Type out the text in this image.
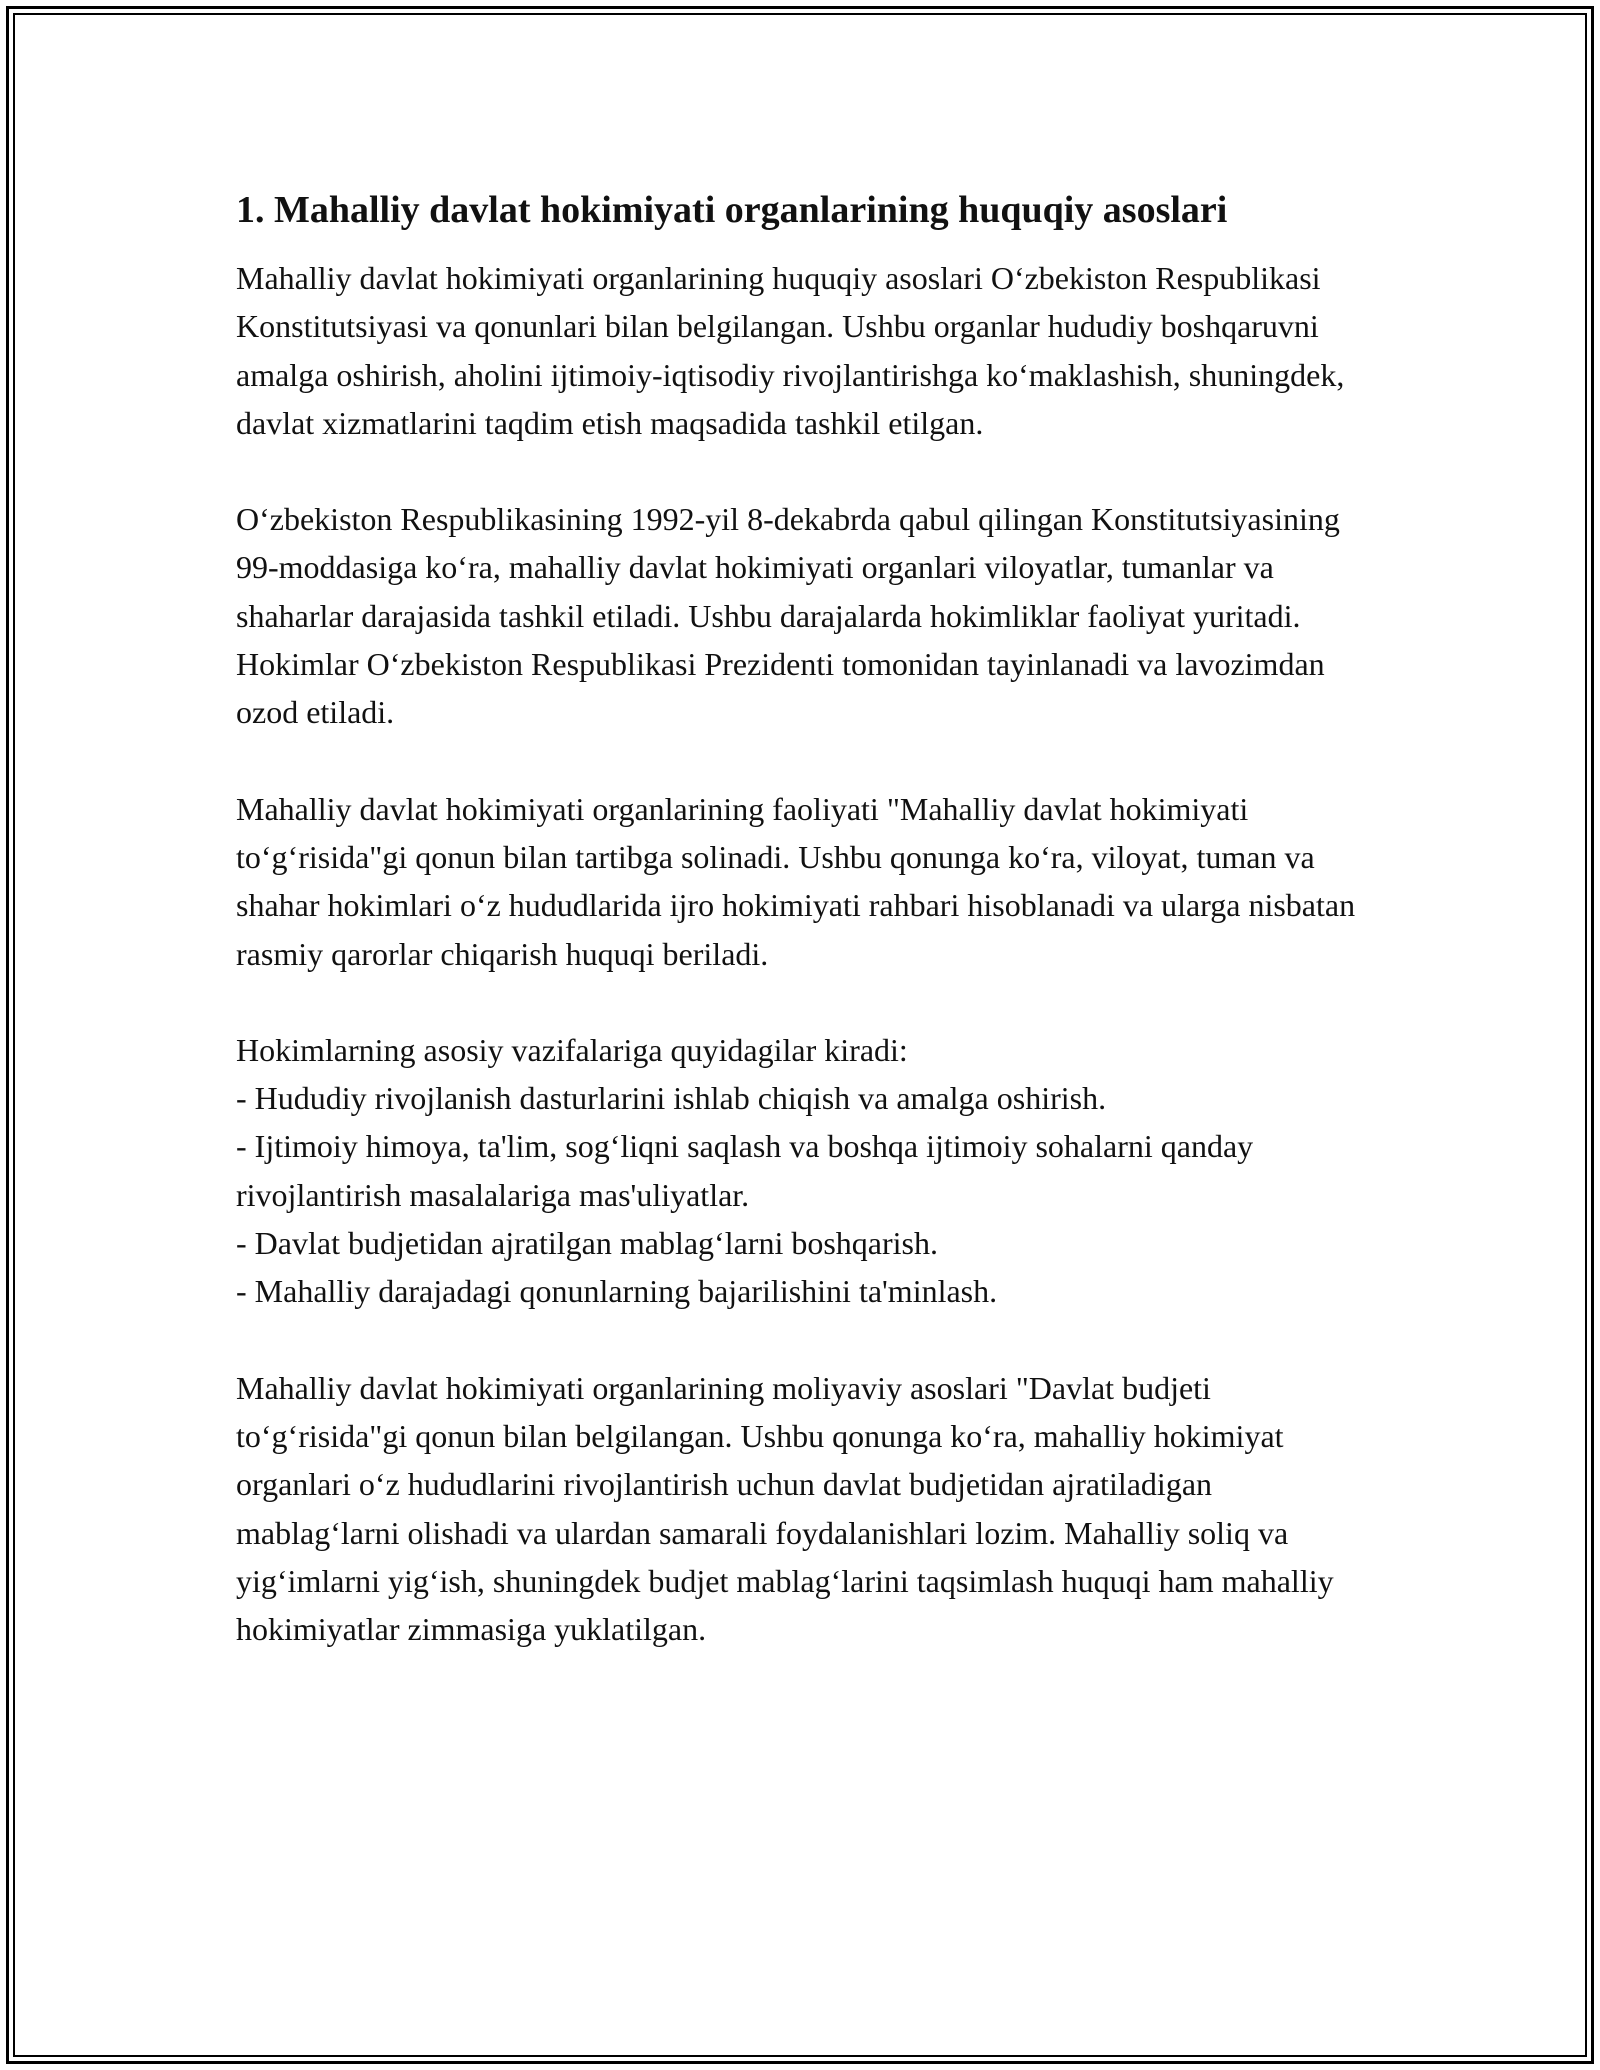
1. Mahalliy davlat hokimiyati organlarining huquqiy asoslari

Mahalliy davlat hokimiyati organlarining huquqiy asoslari O‘zbekiston Respublikasi Konstitutsiyasi va qonunlari bilan belgilangan. Ushbu organlar hududiy boshqaruvni amalga oshirish, aholini ijtimoiy-iqtisodiy rivojlantirishga ko‘maklashish, shuningdek, davlat xizmatlarini taqdim etish maqsadida tashkil etilgan.

O‘zbekiston Respublikasining 1992-yil 8-dekabrda qabul qilingan Konstitutsiyasining 99-moddasiga ko‘ra, mahalliy davlat hokimiyati organlari viloyatlar, tumanlar va shaharlar darajasida tashkil etiladi. Ushbu darajalarda hokimliklar faoliyat yuritadi. Hokimlar O‘zbekiston Respublikasi Prezidenti tomonidan tayinlanadi va lavozimdan ozod etiladi.

Mahalliy davlat hokimiyati organlarining faoliyati "Mahalliy davlat hokimiyati to‘g‘risida"gi qonun bilan tartibga solinadi. Ushbu qonunga ko‘ra, viloyat, tuman va shahar hokimlari o‘z hududlarida ijro hokimiyati rahbari hisoblanadi va ularga nisbatan rasmiy qarorlar chiqarish huquqi beriladi.

Hokimlarning asosiy vazifalariga quyidagilar kiradi:
- Hududiy rivojlanish dasturlarini ishlab chiqish va amalga oshirish.
- Ijtimoiy himoya, ta'lim, sog‘liqni saqlash va boshqa ijtimoiy sohalarni qanday rivojlantirish masalalariga mas'uliyatlar.
- Davlat budjetidan ajratilgan mablag‘larni boshqarish.
- Mahalliy darajadagi qonunlarning bajarilishini ta'minlash.

Mahalliy davlat hokimiyati organlarining moliyaviy asoslari "Davlat budjeti to‘g‘risida"gi qonun bilan belgilangan. Ushbu qonunga ko‘ra, mahalliy hokimiyat organlari o‘z hududlarini rivojlantirish uchun davlat budjetidan ajratiladigan mablag‘larni olishadi va ulardan samarali foydalanishlari lozim. Mahalliy soliq va yig‘imlarni yig‘ish, shuningdek budjet mablag‘larini taqsimlash huquqi ham mahalliy hokimiyatlar zimmasiga yuklatilgan.
